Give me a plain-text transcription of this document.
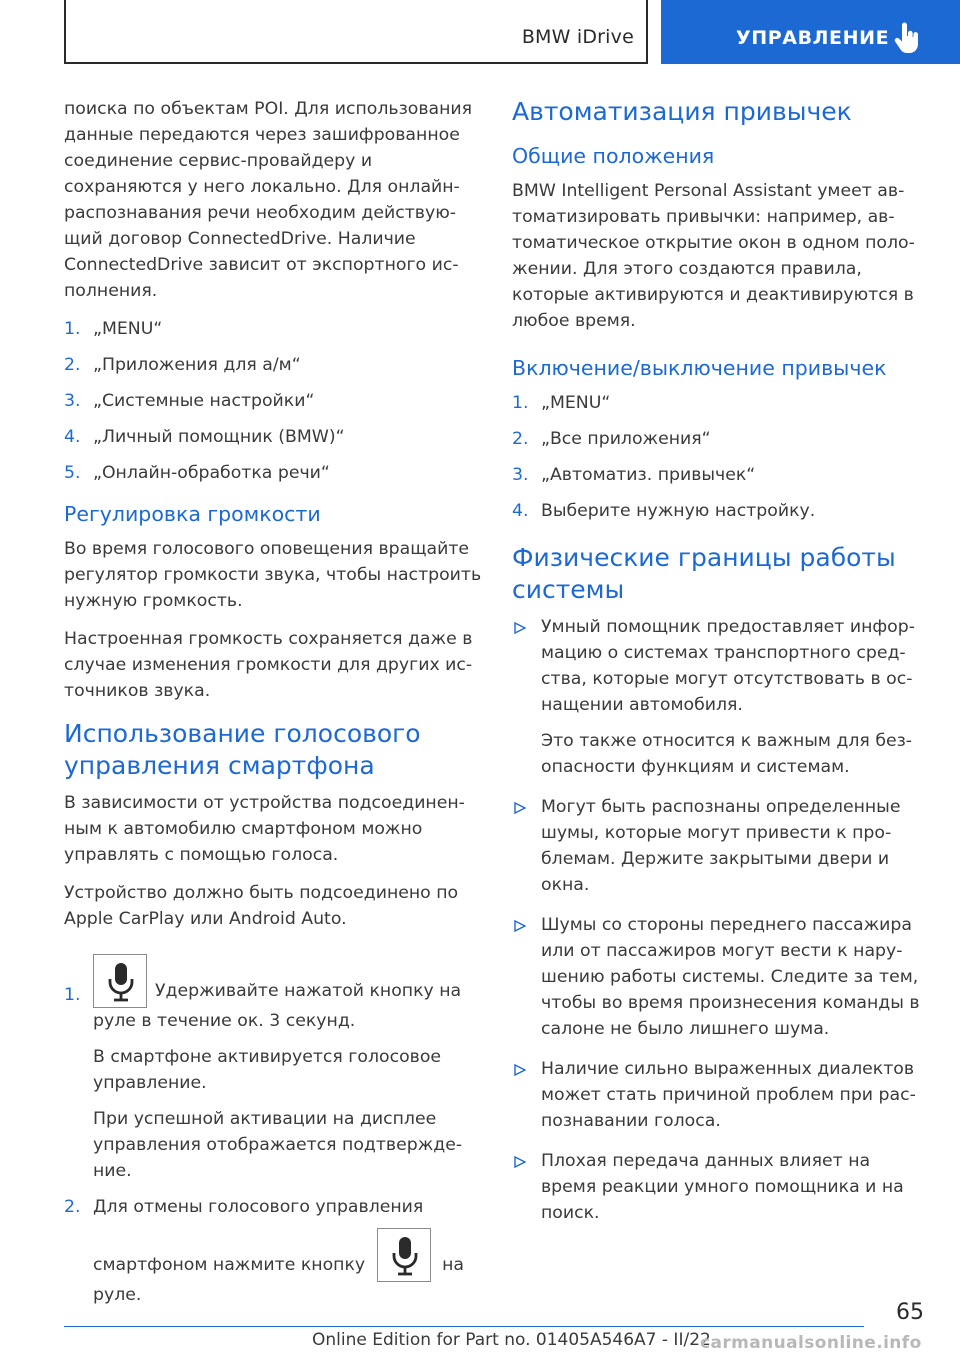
BMW iDrive	УПРАВЛЕНИЕ

поиска по объектам POI. Для использования данные передаются через зашифрованное соединение сервис-провайдеру и сохраняются у него локально. Для онлайн-распознавания речи необходим действующий договор ConnectedDrive. Наличие ConnectedDrive зависит от экспортного исполнения.

1. „MENU“
2. „Приложения для а/м“
3. „Системные настройки“
4. „Личный помощник (BMW)“
5. „Онлайн-обработка речи“
Регулировка громкости

Во время голосового оповещения вращайте регулятор громкости звука, чтобы настроить нужную громкость.

Настроенная громкость сохраняется даже в случае изменения громкости для других источников звука.

Использование голосового управления смартфона

В зависимости от устройства подсоединенным к автомобилю смартфоном можно управлять с помощью голоса.

Устройство должно быть подсоединено по Apple CarPlay или Android Auto.

1.	Удерживайте нажатой кнопку на руле в течение ок. 3 секунд.
В смартфоне активируется голосовое управление.
При успешной активации на дисплее управления отображается подтверждение.
2. Для отмены голосового управления смартфоном нажмите кнопку	на руле.
Автоматизация привычек
Общие положения

BMW Intelligent Personal Assistant умеет автоматизировать привычки: например, автоматическое открытие окон в одном положении. Для этого создаются правила, которые активируются и деактивируются в любое время.

Включение/выключение привычек
1. „MENU“
2. „Все приложения“
3. „Автоматиз. привычек“
4. Выберите нужную настройку.
Физические границы работы системы
Умный помощник предоставляет информацию о системах транспортного средства, которые могут отсутствовать в оснащении автомобиля.
Это также относится к важным для безопасности функциям и системам.
Могут быть распознаны определенные шумы, которые могут привести к проблемам. Держите закрытыми двери и окна.
Шумы со стороны переднего пассажира или от пассажиров могут вести к нарушению работы системы. Следите за тем, чтобы во время произнесения команды в салоне не было лишнего шума.
Наличие сильно выраженных диалектов может стать причиной проблем при распознавании голоса.
Плохая передача данных влияет на время реакции умного помощника и на поиск.
65
Online Edition for Part no. 01405A546A7 - II/22
carmanualsonline.info
